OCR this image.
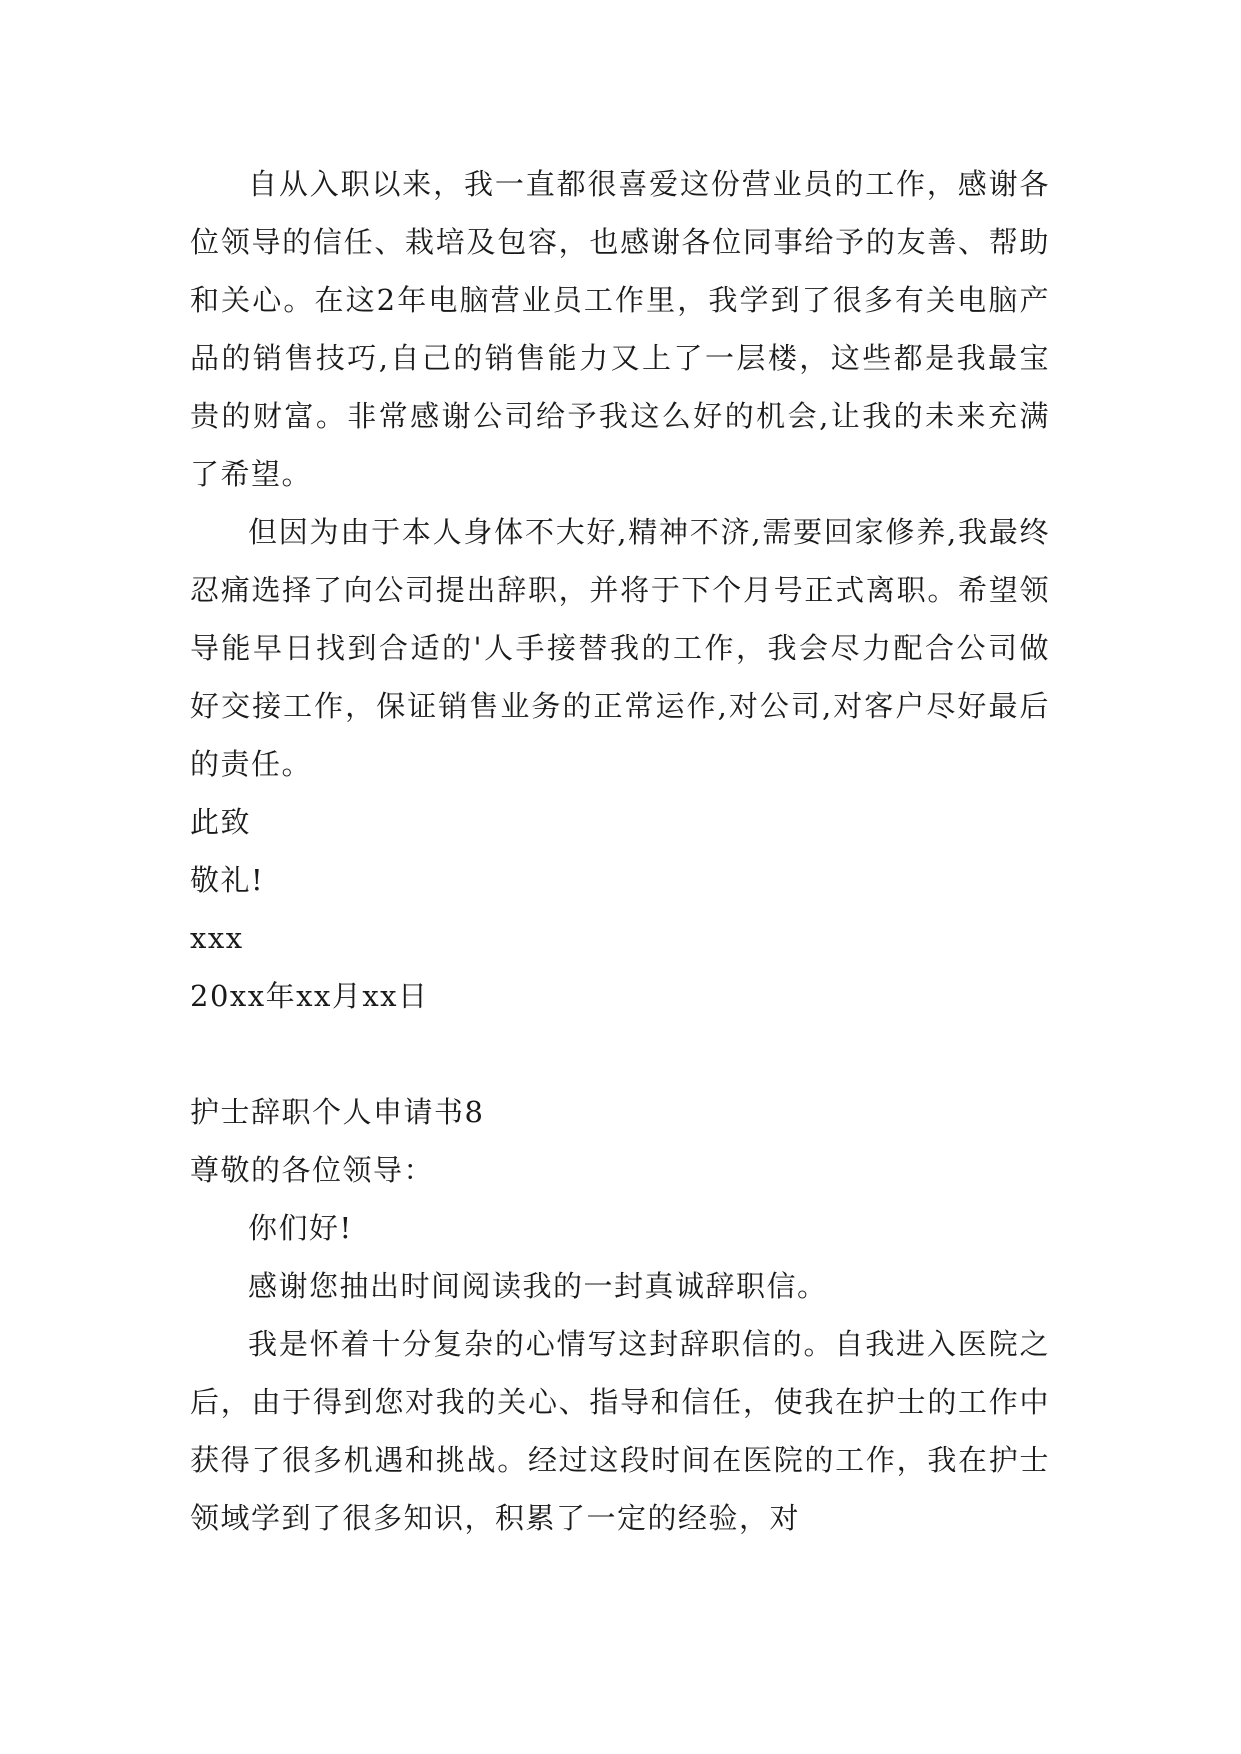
自从入职以来，我一直都很喜爱这份营业员的工作，感谢各位领导的信任、栽培及包容，也感谢各位同事给予的友善、帮助和关心。在这2年电脑营业员工作里，我学到了很多有关电脑产品的销售技巧,自己的销售能力又上了一层楼，这些都是我最宝贵的财富。非常感谢公司给予我这么好的机会,让我的未来充满了希望。

但因为由于本人身体不大好,精神不济,需要回家修养,我最终忍痛选择了向公司提出辞职，并将于下个月号正式离职。希望领导能早日找到合适的'人手接替我的工作，我会尽力配合公司做好交接工作，保证销售业务的正常运作,对公司,对客户尽好最后的责任。

此致

敬礼!

xxx

20xx年xx月xx日

护士辞职个人申请书8

尊敬的各位领导：

你们好!

感谢您抽出时间阅读我的一封真诚辞职信。

我是怀着十分复杂的心情写这封辞职信的。自我进入医院之后，由于得到您对我的关心、指导和信任，使我在护士的工作中获得了很多机遇和挑战。经过这段时间在医院的工作，我在护士领域学到了很多知识，积累了一定的经验，对
